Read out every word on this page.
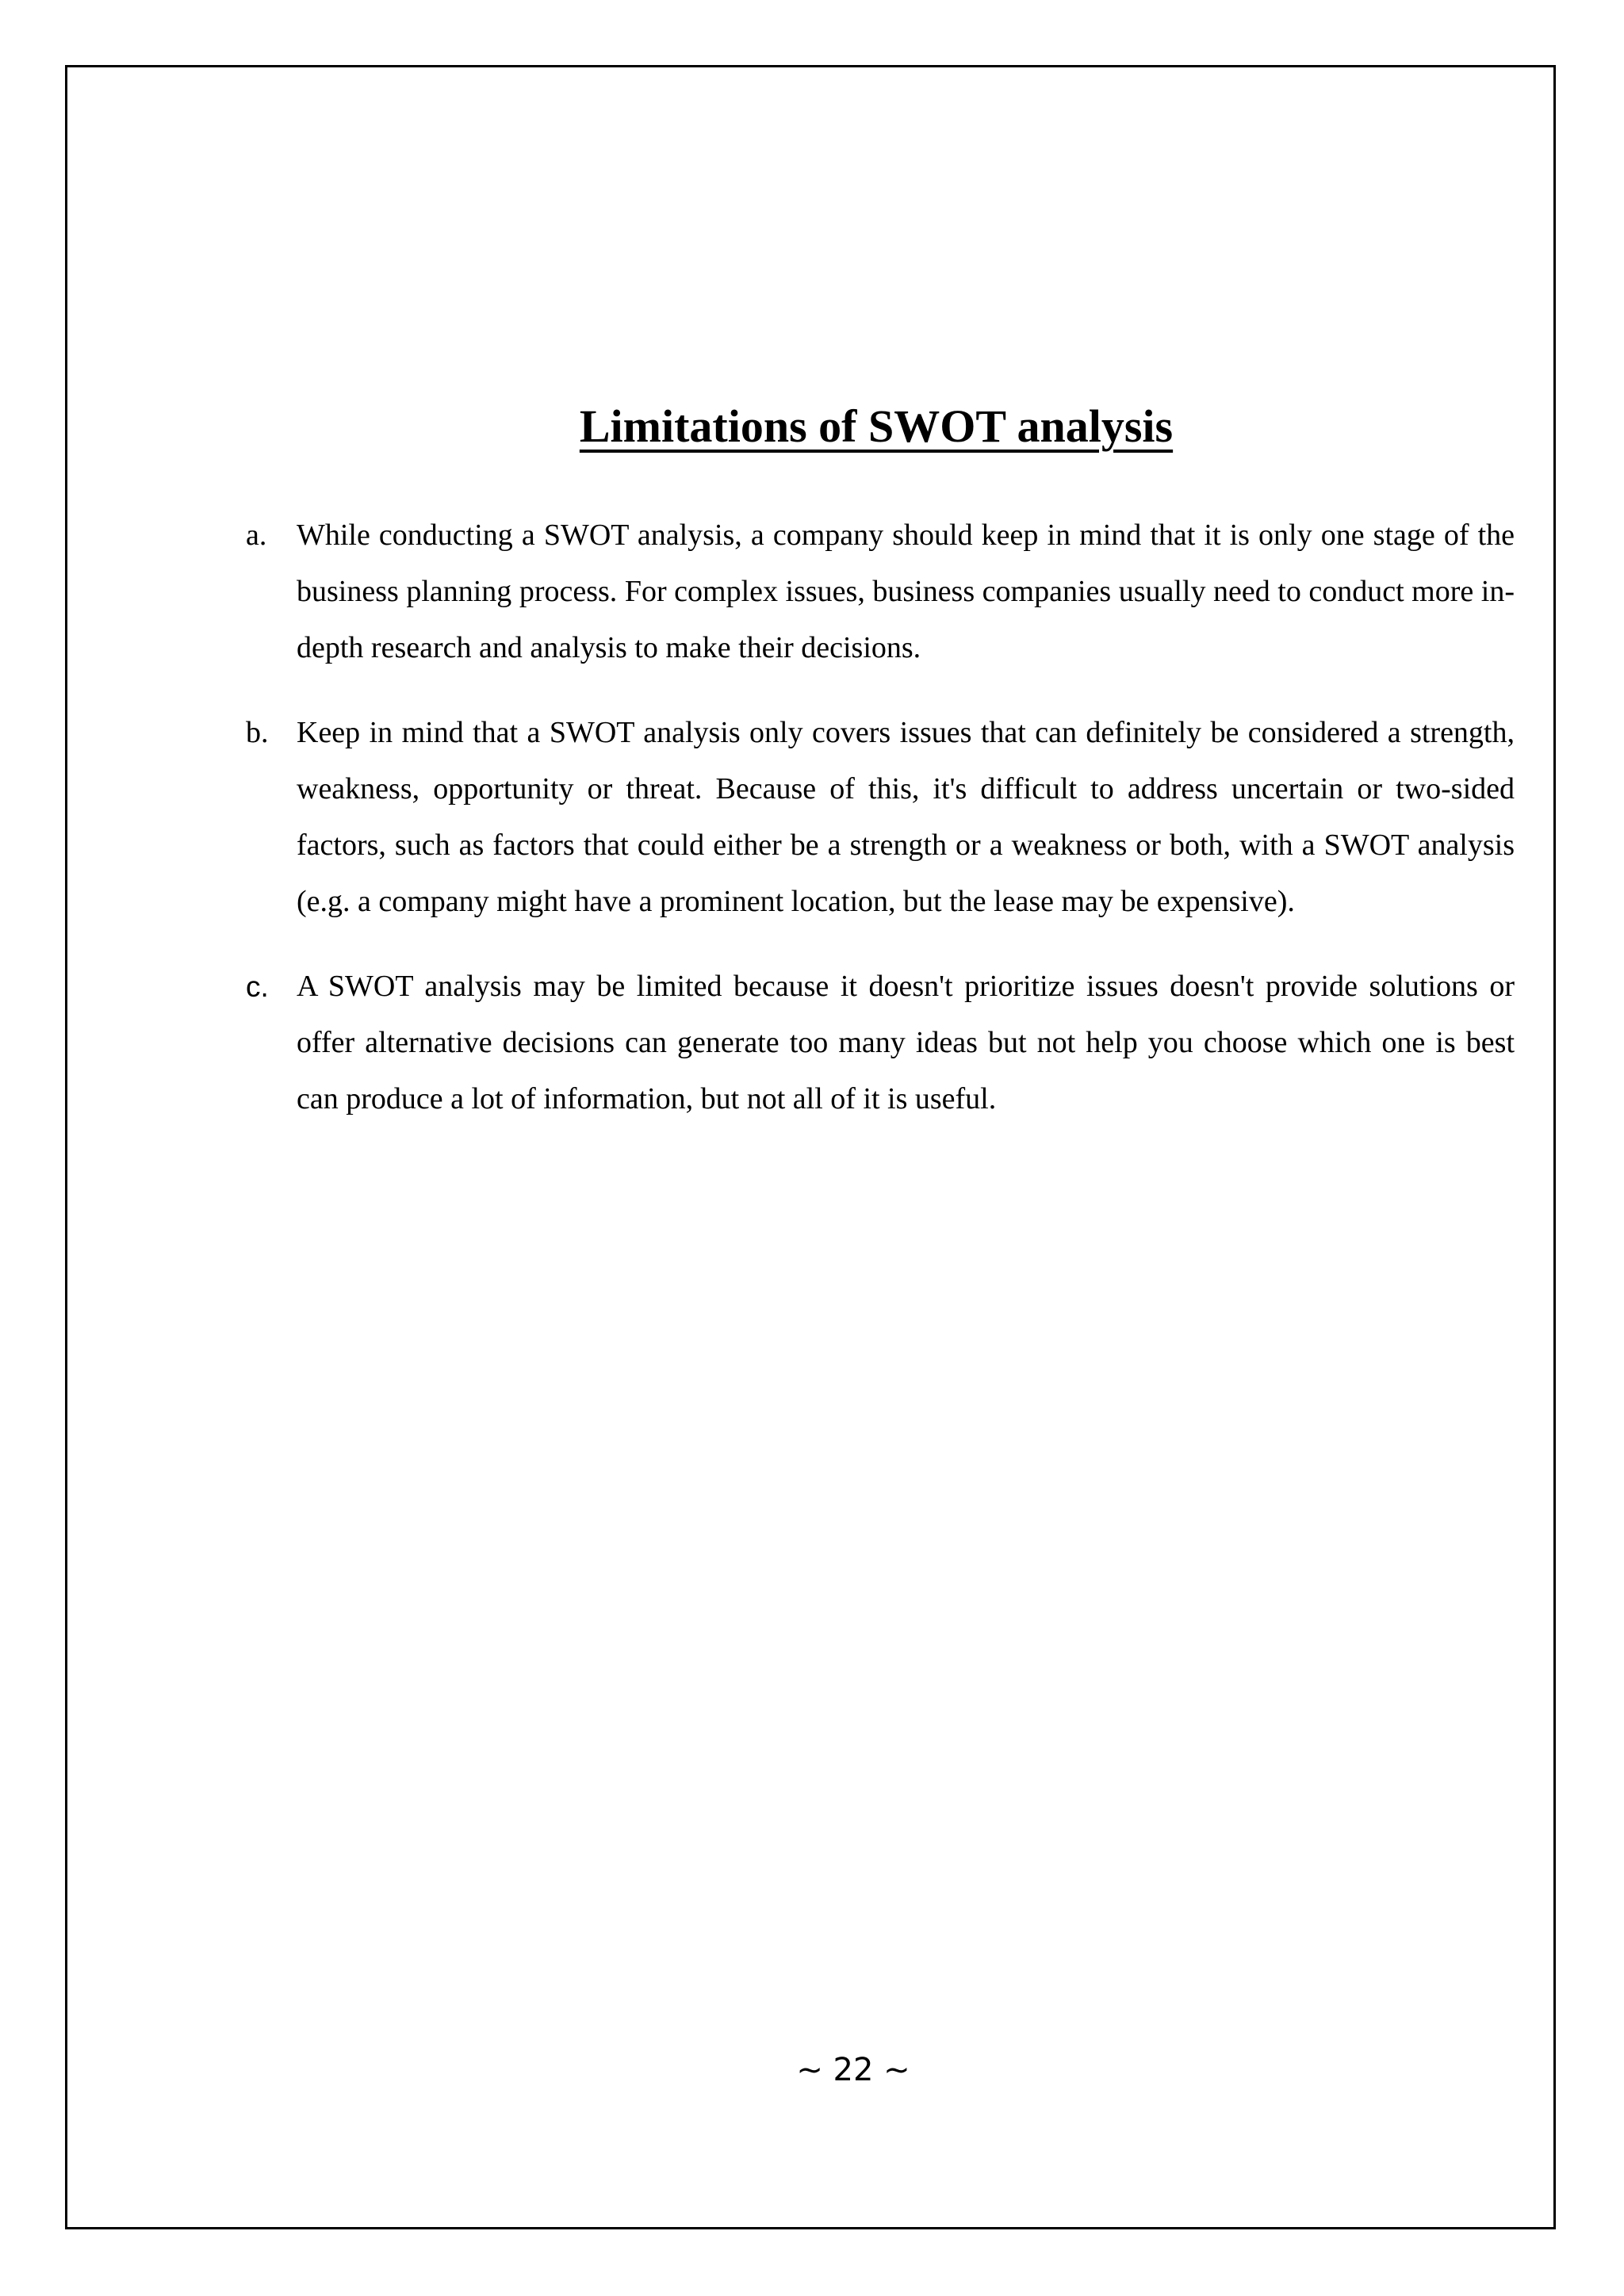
Limitations of SWOT analysis
a. While conducting a SWOT analysis, a company should keep in mind that it is only one stage of the business planning process. For complex issues, business companies usually need to conduct more in- depth research and analysis to make their decisions.
b. Keep in mind that a SWOT analysis only covers issues that can definitely be considered a strength, weakness, opportunity or threat. Because of this, it's difficult to address uncertain or two-sided factors, such as factors that could either be a strength or a weakness or both, with a SWOT analysis (e.g. a company might have a prominent location, but the lease may be expensive).
c. A SWOT analysis may be limited because it doesn't prioritize issues doesn't provide solutions or offer alternative decisions can generate too many ideas but not help you choose which one is best can produce a lot of information, but not all of it is useful.
~ 22 ~
